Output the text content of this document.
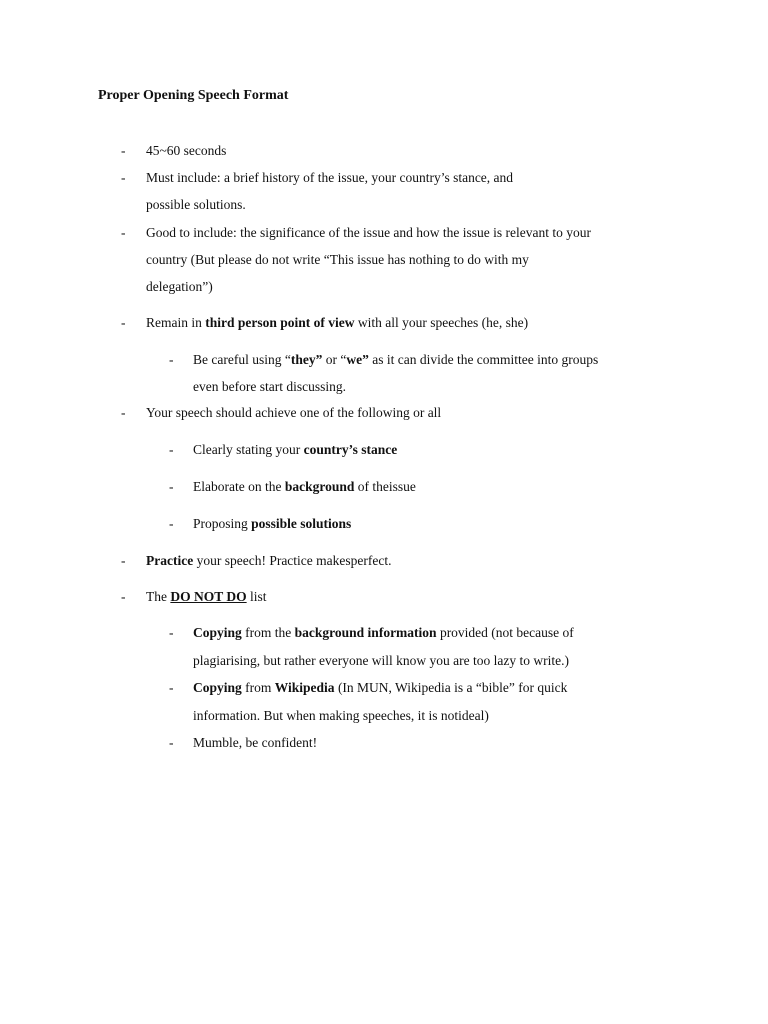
Proper Opening Speech Format
- 45~60 seconds
- Must include: a brief history of the issue, your country’s stance, and
possible solutions.
- Good to include: the significance of the issue and how the issue is relevant to your
country (But please do not write “This issue has nothing to do with my
delegation”)
- Remain in third person point of view with all your speeches (he, she)
- Be careful using “they” or “we” as it can divide the committee into groups
even before start discussing.
- Your speech should achieve one of the following or all
- Clearly stating your country’s stance
- Elaborate on the background of theissue
- Proposing possible solutions
- Practice your speech! Practice makesperfect.
- The DO NOT DO list
- Copying from the background information provided (not because of
plagiarising, but rather everyone will know you are too lazy to write.)
- Copying from Wikipedia (In MUN, Wikipedia is a “bible” for quick
information. But when making speeches, it is notideal)
- Mumble, be confident!
